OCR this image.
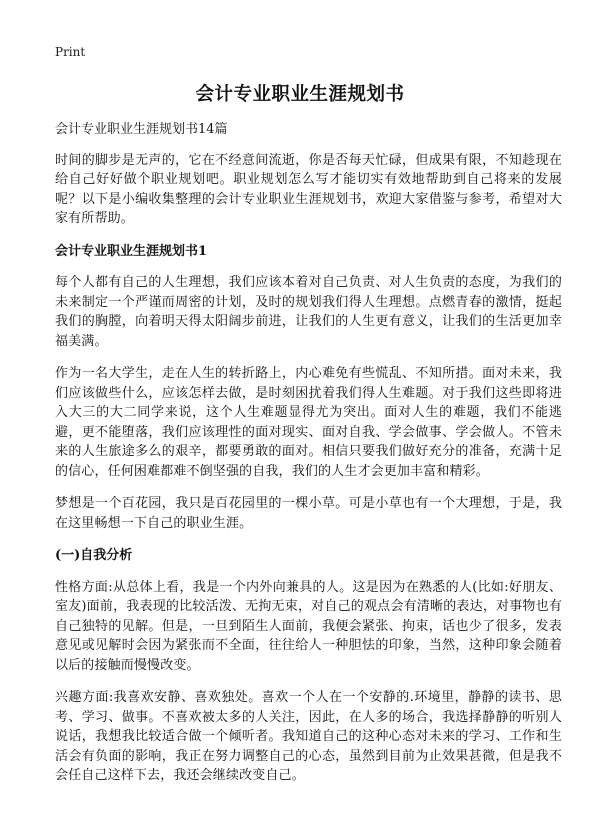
Print
会计专业职业生涯规划书

会计专业职业生涯规划书14篇

时间的脚步是无声的，它在不经意间流逝，你是否每天忙碌，但成果有限，不知趁现在给自己好好做个职业规划吧。职业规划怎么写才能切实有效地帮助到自己将来的发展呢？以下是小编收集整理的会计专业职业生涯规划书，欢迎大家借鉴与参考，希望对大家有所帮助。

会计专业职业生涯规划书1

每个人都有自己的人生理想，我们应该本着对自己负责、对人生负责的态度，为我们的未来制定一个严谨而周密的计划，及时的规划我们得人生理想。点燃青春的激情，挺起我们的胸膛，向着明天得太阳阔步前进，让我们的人生更有意义，让我们的生活更加幸福美满。

作为一名大学生，走在人生的转折路上，内心难免有些慌乱、不知所措。面对未来，我们应该做些什么，应该怎样去做，是时刻困扰着我们得人生难题。对于我们这些即将进入大三的大二同学来说，这个人生难题显得尤为突出。面对人生的难题，我们不能逃避，更不能堕落，我们应该理性的面对现实、面对自我、学会做事、学会做人。不管未来的人生旅途多么的艰辛，都要勇敢的面对。相信只要我们做好充分的准备，充满十足的信心，任何困难都难不倒坚强的自我，我们的人生才会更加丰富和精彩。

梦想是一个百花园，我只是百花园里的一棵小草。可是小草也有一个大理想，于是，我在这里畅想一下自己的职业生涯。

(一)自我分析

性格方面:从总体上看，我是一个内外向兼具的人。这是因为在熟悉的人(比如:好朋友、室友)面前，我表现的比较活泼、无拘无束，对自己的观点会有清晰的表达，对事物也有自己独特的见解。但是，一旦到陌生人面前，我便会紧张、拘束，话也少了很多，发表意见或见解时会因为紧张而不全面，往往给人一种胆怯的印象，当然，这种印象会随着以后的接触而慢慢改变。

兴趣方面:我喜欢安静、喜欢独处。喜欢一个人在一个安静的.环境里，静静的读书、思考、学习、做事。不喜欢被太多的人关注，因此，在人多的场合，我选择静静的听别人说话，我想我比较适合做一个倾听者。我知道自己的这种心态对未来的学习、工作和生活会有负面的影响，我正在努力调整自己的心态，虽然到目前为止效果甚微，但是我不会任自己这样下去，我还会继续改变自己。
